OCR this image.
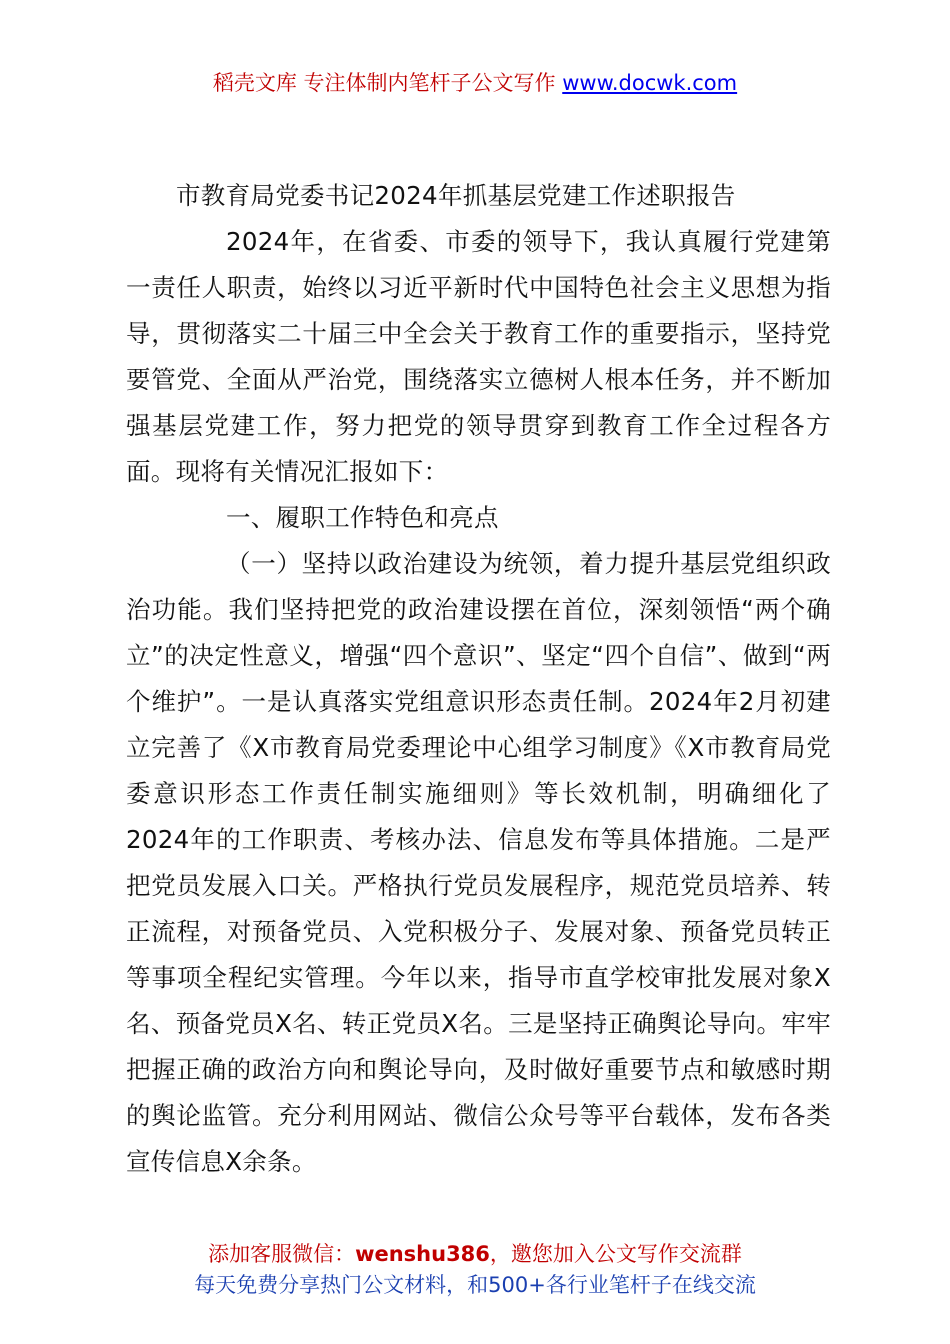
稻壳文库 专注体制内笔杆子公文写作 www.docwk.com

市教育局党委书记2024年抓基层党建工作述职报告

2024年，在省委、市委的领导下，我认真履行党建第一责任人职责，始终以习近平新时代中国特色社会主义思想为指导，贯彻落实二十届三中全会关于教育工作的重要指示，坚持党要管党、全面从严治党，围绕落实立德树人根本任务，并不断加强基层党建工作，努力把党的领导贯穿到教育工作全过程各方面。现将有关情况汇报如下：

一、履职工作特色和亮点

（一）坚持以政治建设为统领，着力提升基层党组织政治功能。我们坚持把党的政治建设摆在首位，深刻领悟“两个确立”的决定性意义，增强“四个意识”、坚定“四个自信”、做到“两个维护”。一是认真落实党组意识形态责任制。2024年2月初建立完善了《X市教育局党委理论中心组学习制度》《X市教育局党委意识形态工作责任制实施细则》等长效机制，明确细化了2024年的工作职责、考核办法、信息发布等具体措施。二是严把党员发展入口关。严格执行党员发展程序，规范党员培养、转正流程，对预备党员、入党积极分子、发展对象、预备党员转正等事项全程纪实管理。今年以来，指导市直学校审批发展对象X名、预备党员X名、转正党员X名。三是坚持正确舆论导向。牢牢把握正确的政治方向和舆论导向，及时做好重要节点和敏感时期的舆论监管。充分利用网站、微信公众号等平台载体，发布各类宣传信息X余条。

添加客服微信：wenshu386，邀您加入公文写作交流群
每天免费分享热门公文材料，和500+各行业笔杆子在线交流
